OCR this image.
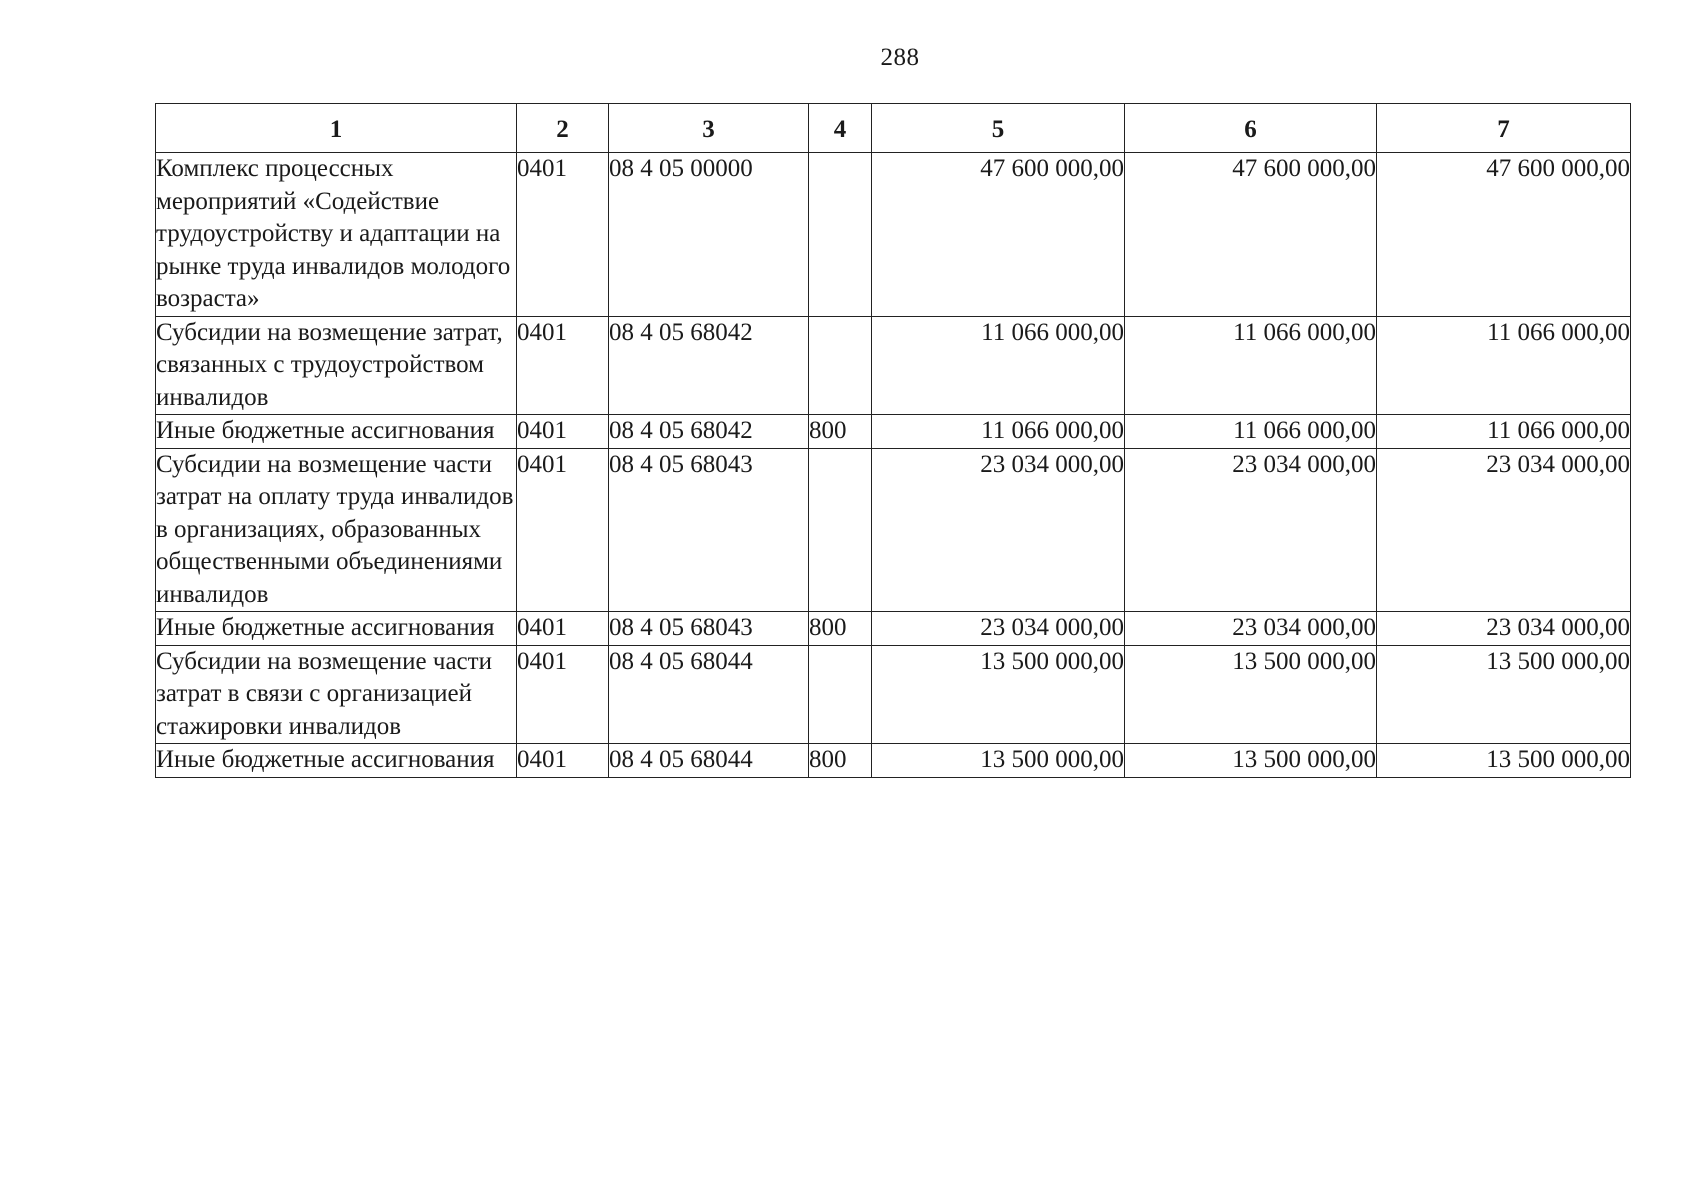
288
1	2	3	4	5	6	7
Комплекс процессных мероприятий «Содействие трудоустройству и адаптации на рынке труда инвалидов молодого возраста»	0401	08 4 05 00000		47 600 000,00	47 600 000,00	47 600 000,00
Субсидии на возмещение затрат, связанных с трудоустройством инвалидов	0401	08 4 05 68042		11 066 000,00	11 066 000,00	11 066 000,00
Иные бюджетные ассигнования	0401	08 4 05 68042	800	11 066 000,00	11 066 000,00	11 066 000,00
Субсидии на возмещение части затрат на оплату труда инвалидов в организациях, образованных общественными объединениями инвалидов	0401	08 4 05 68043		23 034 000,00	23 034 000,00	23 034 000,00
Иные бюджетные ассигнования	0401	08 4 05 68043	800	23 034 000,00	23 034 000,00	23 034 000,00
Субсидии на возмещение части затрат в связи с организацией стажировки инвалидов	0401	08 4 05 68044		13 500 000,00	13 500 000,00	13 500 000,00
Иные бюджетные ассигнования	0401	08 4 05 68044	800	13 500 000,00	13 500 000,00	13 500 000,00
